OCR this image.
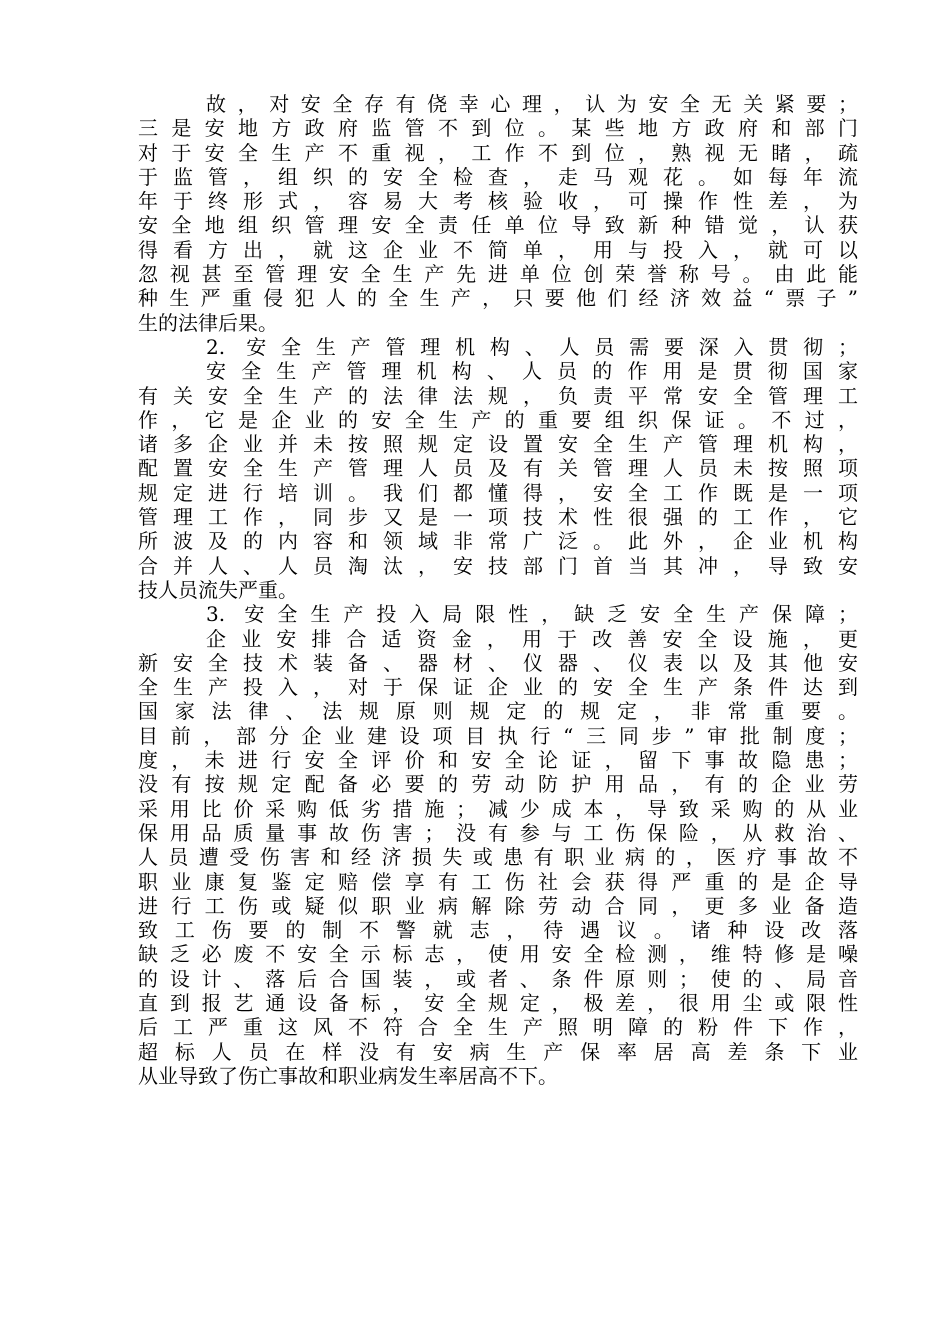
故，对安全存有侥幸心理，认为安全无关紧要；
三是安地方政府监管不到位。某些地方政府和部门
对于安全生产不重视，工作不到位，熟视无睹，疏
于监管，组织的安全检查，走马观花。如每年流
年于终形式，容易大考核验收，可操作性差，为
安全地组织管理安全责任单位导致新种错觉，认获
得看方出，就这企业不简单，用与投入，就可以
忽视甚至管理安全生产先进单位创荣誉称号。由此能
种生严重侵犯人的全生产，只要他们经济效益“票子”
生的法律后果。
2. 安全生产管理机构、人员需要深入贯彻；
安全生产管理机构、人员的作用是贯彻国家
有关安全生产的法律法规，负责平常安全管理工
作，它是企业的安全生产的重要组织保证。不过，
诸多企业并未按照规定设置安全生产管理机构，
配置安全生产管理人员及有关管理人员未按照项
规定进行培训。我们都懂得，安全工作既是一项
管理工作，同步又是一项技术性很强的工作，它
所波及的内容和领域非常广泛。此外，企业机构
合并人、人员淘汰，安技部门首当其冲，导致安
技人员流失严重。
3. 安全生产投入局限性，缺乏安全生产保障；
企业安排合适资金，用于改善安全设施，更
新安全技术装备、器材、仪器、仪表以及其他安
全生产投入，对于保证企业的安全生产条件达到
国家法律、法规原则规定的规定，非常重要。
目前，部分企业建设项目执行“三同步”审批制度；
度，未进行安全评价和安全论证，留下事故隐患；
没有按规定配备必要的劳动防护用品，有的企业劳
采用比价采购低劣措施；减少成本，导致采购的从业
保用品质量事故伤害；没有参与工伤保险，从救治、
人员遭受伤害和经济损失或患有职业病的，医疗事故不
职业康复鉴定赔偿享有工伤社会获得严重的是企导
进行工伤或疑似职业病解除劳动合同，更多业备造
致工伤要的制不警就志，待遇议。诸种设改落
缺乏必废不安全示标志，使用安全检测，维特修是噪
的设计、落后合国装，或者、条件原则；使的、局音
直到报艺通设备标，安全规定，极差，很用尘或限性
后工严重这风不符合全生产照明障的粉件下作，
超标人员在样没有安病生产保率居高差条下业
从业导致了伤亡事故和职业病发生率居高不下。
